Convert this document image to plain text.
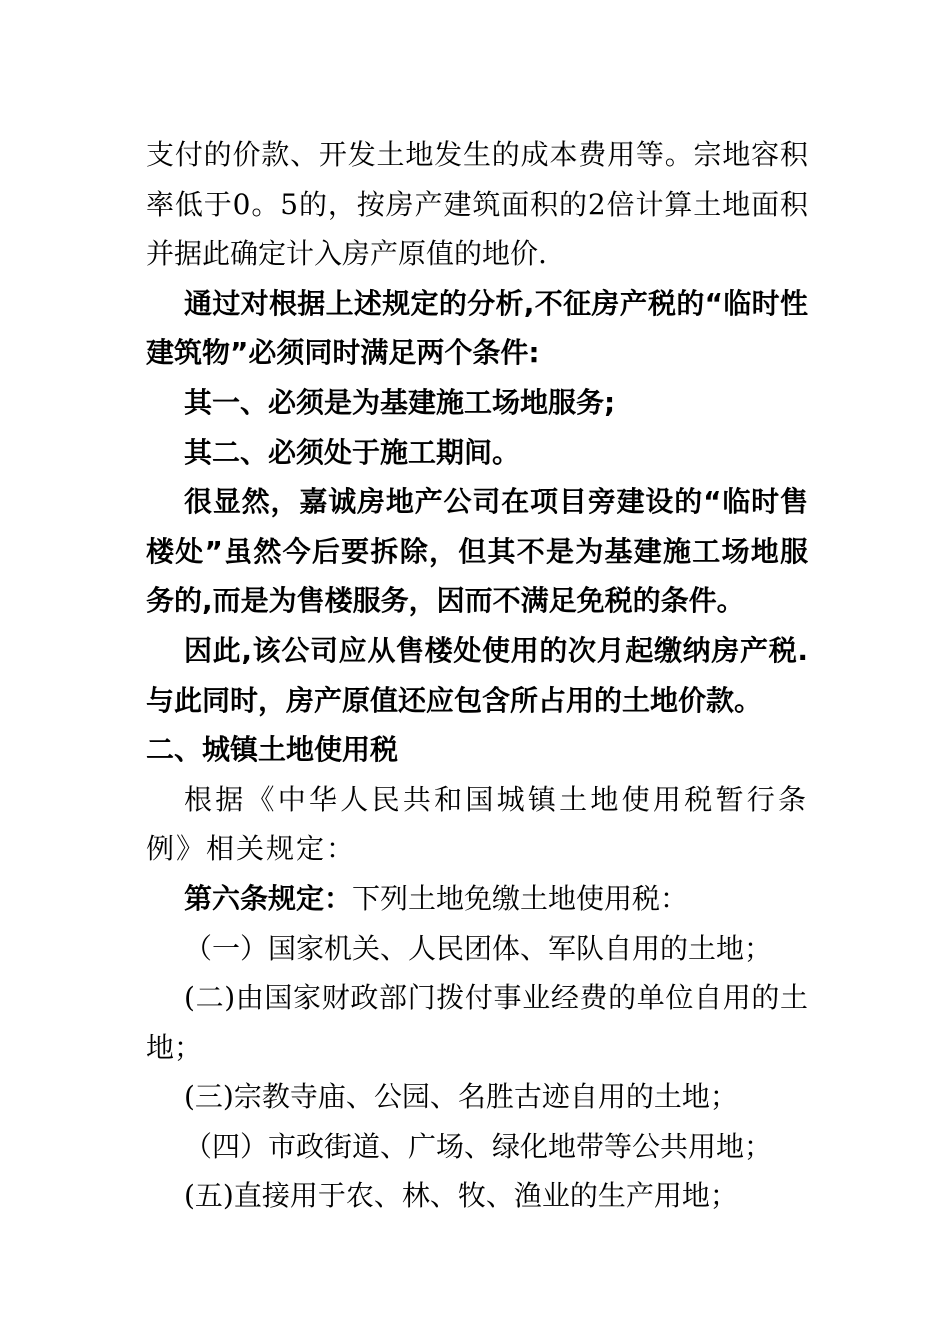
支付的价款、开发土地发生的成本费用等。宗地容积率低于0。5的，按房产建筑面积的2倍计算土地面积并据此确定计入房产原值的地价.

通过对根据上述规定的分析,不征房产税的“临时性建筑物”必须同时满足两个条件:

其一、必须是为基建施工场地服务;

其二、必须处于施工期间。

很显然，嘉诚房地产公司在项目旁建设的“临时售楼处”虽然今后要拆除，但其不是为基建施工场地服务的,而是为售楼服务，因而不满足免税的条件。

因此,该公司应从售楼处使用的次月起缴纳房产税.与此同时，房产原值还应包含所占用的土地价款。

二、城镇土地使用税

根据《中华人民共和国城镇土地使用税暂行条例》相关规定：

第六条规定：下列土地免缴土地使用税：

（一）国家机关、人民团体、军队自用的土地；

(二)由国家财政部门拨付事业经费的单位自用的土地；

(三)宗教寺庙、公园、名胜古迹自用的土地；

（四）市政街道、广场、绿化地带等公共用地；

(五)直接用于农、林、牧、渔业的生产用地；
